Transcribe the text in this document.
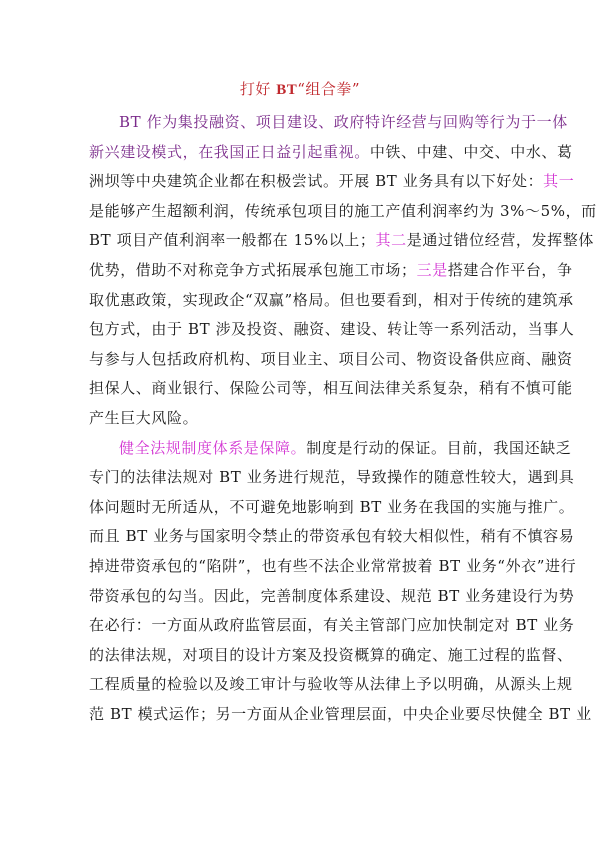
打好 BT“组合拳”
BT 作为集投融资、项目建设、政府特许经营与回购等行为于一体
新兴建设模式，在我国正日益引起重视。中铁、中建、中交、中水、葛
洲坝等中央建筑企业都在积极尝试。开展 BT 业务具有以下好处：其一
是能够产生超额利润，传统承包项目的施工产值利润率约为 3%～5%，而
BT 项目产值利润率一般都在 15%以上；其二是通过错位经营，发挥整体
优势，借助不对称竞争方式拓展承包施工市场；三是搭建合作平台，争
取优惠政策，实现政企“双赢”格局。但也要看到，相对于传统的建筑承
包方式，由于 BT 涉及投资、融资、建设、转让等一系列活动，当事人
与参与人包括政府机构、项目业主、项目公司、物资设备供应商、融资
担保人、商业银行、保险公司等，相互间法律关系复杂，稍有不慎可能
产生巨大风险。
健全法规制度体系是保障。制度是行动的保证。目前，我国还缺乏
专门的法律法规对 BT 业务进行规范，导致操作的随意性较大，遇到具
体问题时无所适从，不可避免地影响到 BT 业务在我国的实施与推广。
而且 BT 业务与国家明令禁止的带资承包有较大相似性，稍有不慎容易
掉进带资承包的“陷阱”，也有些不法企业常常披着 BT 业务“外衣”进行
带资承包的勾当。因此，完善制度体系建设、规范 BT 业务建设行为势
在必行：一方面从政府监管层面，有关主管部门应加快制定对 BT 业务
的法律法规，对项目的设计方案及投资概算的确定、施工过程的监督、
工程质量的检验以及竣工审计与验收等从法律上予以明确，从源头上规
范 BT 模式运作；另一方面从企业管理层面，中央企业要尽快健全 BT 业
